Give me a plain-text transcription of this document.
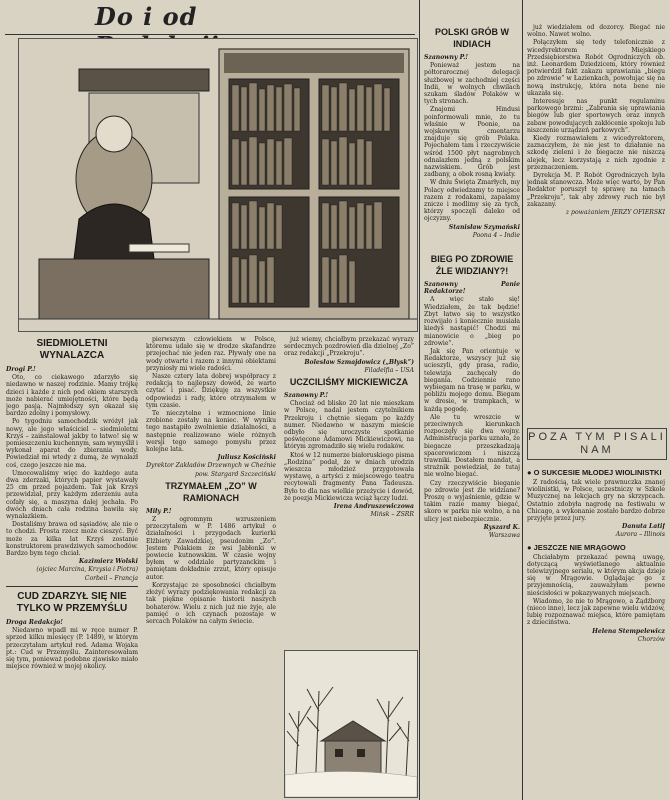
Do i od
SIEDMIOLETNI WYNALAZCA

Drogi P.!

Oto, co ciekawego zdarzyło się niedawno w naszej rodzinie. Mamy trójkę dzieci i każde z nich pod okiem starszych może nabierać umiejętności, które będą jego pasją. Najmłodszy syn okazał się bardzo zdolny i pomysłowy.

Po tygodniu samochodzik wróżył jak nowy, ale jego właściciel – siedmioletni Krzyś – zainstalował jakby to łatwo! się w pomieszczeniu kuchennym, sam wymyślił i wykonał aparat do zbierania wody. Powiedział mi wtedy z dumą, że wynalazł coś, czego jeszcze nie ma.

Umocowaliśmy więc do każdego auta dwa zderzaki, których papier wystawały 25 cm przed pojazdem. Tak jak Krzyś przewidział, przy każdym zderzeniu auta cofały się, a maszyna dalej jechała. Po dwóch dniach cała rodzina bawiła się wynalazkiem.

Dostaliśmy brawa od sąsiadów, ale nie o to chodzi. Prosta rzecz może cieszyć. Być może za kilka lat Krzyś zostanie konstruktorem prawdziwych samochodów. Bardzo bym tego chciał.

Kazimierz Wolski

(ojciec Marcina, Krzysia i Piotra)

Corbeil – Francja

CUD ZDARZYŁ SIĘ NIE TYLKO W PRZEMYŚLU

Droga Redakcjo!

Niedawno wpadł mi w ręce numer P. sprzed kilku miesięcy (P. 1489), w którym przeczytałam artykuł red. Adama Wojaka pt.: Cud w Przemyślu. Zainteresowałam się tym, ponieważ podobne zjawisko miało miejsce również w mojej okolicy.

pierwszym człowiekiem w Polsce, któremu udało się w drodze skafandrze przejechać nie jeden raz. Pływały one na wody otwarte i razem z innymi obiektami przyniosły mi wiele radości.

Nasze cztery lata dobrej współpracy z redakcją to najlepszy dowód, że warto czytać i pisać. Dziękuję za wszystkie odpowiedzi i rady, które otrzymałem w tym czasie.

Te nieczytelne i wzmocnione linie zrobione zostały na koniec. W wyniku tego nastąpiło zwolnienie działalności, a następnie realizowano wiele różnych wersji tego samego pomysłu przez kolejne lata.

Juliusz Kościński

Dyrektor Zakładów Drzewnych w Cheźnie

pow. Stargard Szczeciński

TRZYMAŁEM „ZO” W RAMIONACH

Miły P.!

Z ogromnym wzruszeniem przeczytałem w P. 1486 artykuł o działalności i przygodach kurierki Elżbiety Zawadzkiej, pseudonim „Zo”. Jestem Polakiem ze wsi Jabłonki w powiecie kutnowskim. W czasie wojny byłem w oddziale partyzanckim i pamiętam dokładnie zrzut, który opisuje autor.

Korzystając ze sposobności chciałbym złożyć wyrazy podziękowania redakcji za tak piękne opisanie historii naszych bohaterów. Wielu z nich już nie żyje, ale pamięć o ich czynach pozostaje w sercach Polaków na całym świecie.

już wiemy, chciałbym przekazać wyrazy serdecznych pozdrowień dla dzielnej „Zo” oraz redakcji „Przekroju”.

Bolesław Szmajdowicz („Błysk”)

Filadelfia – USA

UCZCILIŚMY MICKIEWICZA

Szanowny P.!

Chociaż od blisko 20 lat nie mieszkam w Polsce, nadal jestem czytelnikiem Przekroju i chętnie sięgam po każdy numer. Niedawno w naszym mieście odbyło się uroczyste spotkanie poświęcone Adamowi Mickiewiczowi, na którym zgromadziło się wielu rodaków.

Ktoś w 12 numerze białoruskiego pisma „Rodzina” podał, że w dniach urodzin wieszcza młodzież przygotowała wystawę, a artyści z miejscowego teatru recytowali fragmenty Pana Tadeusza. Było to dla nas wielkie przeżycie i dowód, że poezja Mickiewicza wciąż łączy ludzi.

Irena Andruszewiczowa

Mińsk – ZSRR

POLSKI GRÓB W INDIACH

Szanowny P.!

Ponieważ jestem na półtorarocznej delegacji służbowej w zachodniej części Indii, w wolnych chwilach szukam śladów Polaków w tych stronach.

Znajomi Hindusi poinformowali mnie, że tu właśnie w Poonie, na wojskowym cmentarzu znajduje się grób Polaka. Pojechałem tam i rzeczywiście wśród 1500 płyt nagrobnych odnalazłem jedną z polskim nazwiskiem. Grób jest zadbany, a obok rosną kwiaty.

W dniu Święta Zmarłych, my Polacy odwiedzamy to miejsce razem z rodakami, zapalamy znicze i modlimy się za tych, którzy spoczęli daleko od ojczyzny.

Stanisław Szymański

Poona 4 – Indie

BIEG PO ZDROWIE ŹLE WIDZIANY?!

Szanowny Panie Redaktorze!

A więc stało się! Wiedziałem, że tak będzie! Zbyt łatwo się to wszystko rozwijało i koniecznie musiała kiedyś nastąpić! Chodzi mi mianowicie o „bieg po zdrowie”.

Jak się Pan orientuje w Redaktorze, wszyscy już się ucieszyli, gdy prasa, radio, telewizja zachęcały do biegania. Codziennie rano wybiegam na trasę w parku, w pobliżu mojego domu. Biegam w dresie, w trampkach, w każdą pogodę.

Ale tu wreszcie w przeciwnych kierunkach rozpoczęły się dwa wojny. Administracja parku uznała, że biegacze przeszkadzają spacerowiczom i niszczą trawniki. Dostałem mandat, a strażnik powiedział, że tutaj nie wolno biegać.

Czy rzeczywiście bieganie po zdrowie jest źle widziane? Proszę o wyjaśnienie, gdzie w takim razie mamy biegać, skoro w parku nie wolno, a na ulicy jest niebezpiecznie.

Ryszard K.

Warszawa

już wiedziałem od dozorcy. Biegać nie wolno. Nawet wolno.

Połączyłem się tedy telefonicznie z wicedyrektorem Miejskiego Przedsiębiorstwa Robót Ogrodniczych ob. inż. Leonardem Dziedzicem, który również potwierdził fakt zakazu uprawiania „biegu po zdrowie” w Łazienkach, powołując się na nową instrukcję, która nota bene nie ukazała się.

Interesuje nas punkt regulaminu parkowego brzmi: „Zabrania się uprawiania biegów lub gier sportowych oraz innych zabaw powodujących zakłócenie spokoju lub niszczenie urządzeń parkowych”.

Kiedy rozmawiałem z wicedyrektorem, zaznaczyłem, że nie jest to działanie na szkodę zieleni i że biegacze nie niszczą alejek, lecz korzystają z nich zgodnie z przeznaczeniem.

Dyrekcja M. P. Robót Ogrodniczych była jednak stanowcza. Może więc warto, by Pan Redaktor poruszył tę sprawę na łamach „Przekroju”, tak aby zdrowy ruch nie był zakazany.

z poważaniem JERZY OFIERSKI

POZA TYM PISALI NAM
● O SUKCESIE MŁODEJ WIOLINISTKI

Z radością, tak wiele prawnuczka znanej wiolinistki, w Polsce, uczestniczy w Szkole Muzycznej na lekcjach gry na skrzypcach. Ostatnio zdobyła nagrodę na festiwalu w Chicago, a wykonanie zostało bardzo dobrze przyjęte przez jury.

Danuta Latif

Aurora – Illinois

● JESZCZE NIE MRĄGOWO

Chciałabym przekazać pewną uwagę, dotyczącą wyświetlanego aktualnie telewizyjnego serialu, w którym akcja dzieje się w Mrągowie. Oglądając go z przyjemnością, zauważyłam pewne nieścisłości w pokazywanych miejscach.

Wiadomo, że nie to Mrągowo, a Żądźborg (nieco inne), lecz jak zapewne wielu widzów, lubię rozpoznawać miejsca, które pamiętam z dzieciństwa.

Helena Stempelewicz

Chorzów
